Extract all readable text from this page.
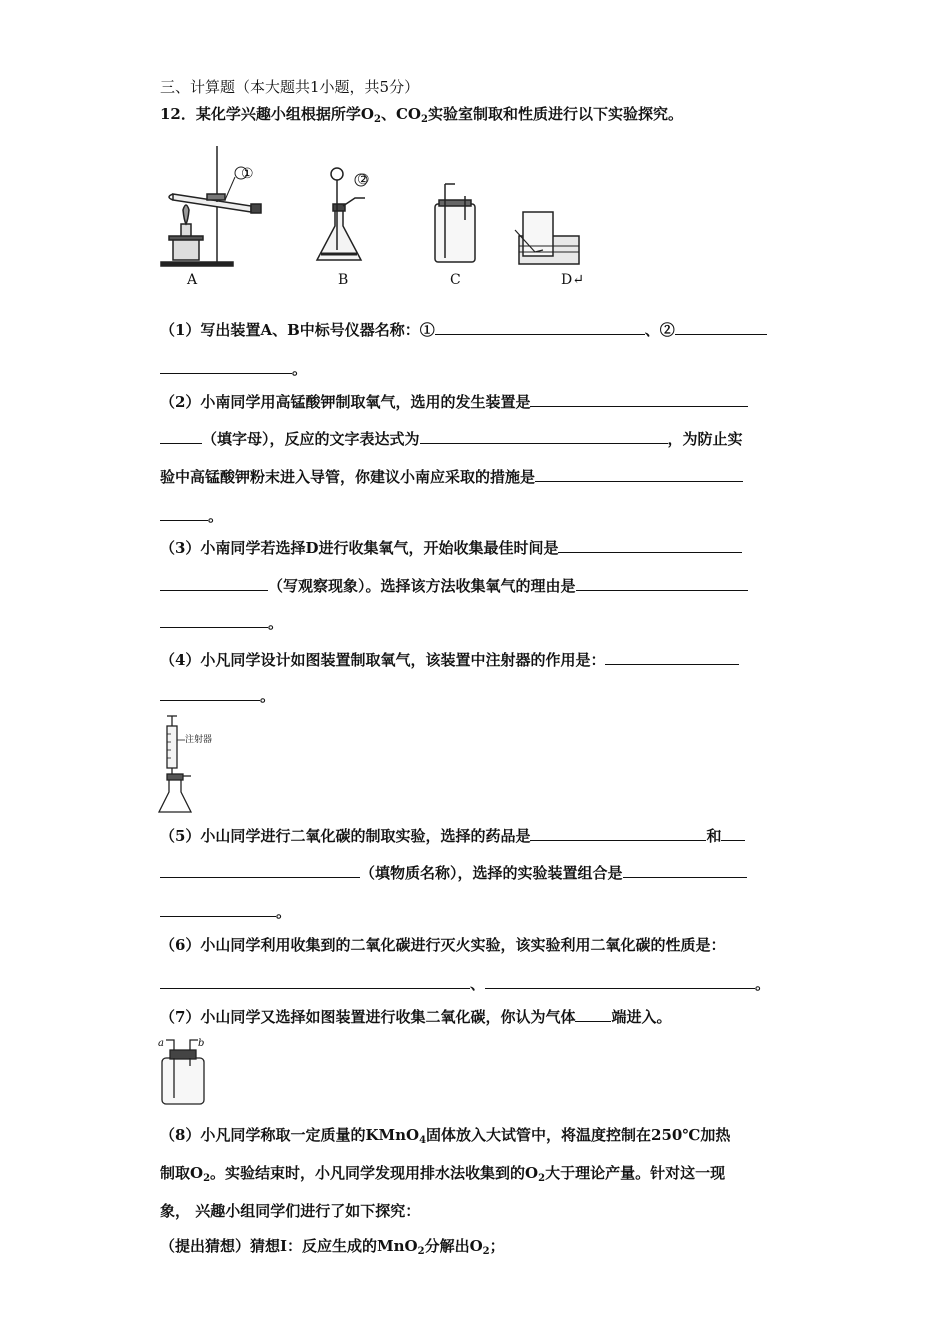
三、计算题（本大题共1小题，共5分）
12．某化学兴趣小组根据所学$O_2$、$CO_2$实验室制取和性质进行以下实验探究。
①	②
A	B	C	D↵
（1）写出装置A、B中标号仪器名称：①	、②
。
（2）小南同学用高锰酸钾制取氧气，选用的发生装置是
（填字母），反应的文字表达式为	，为防止实
验中高锰酸钾粉末进入导管，你建议小南应采取的措施是
。
（3）小南同学若选择D进行收集氧气，开始收集最佳时间是
（写观察现象）。选择该方法收集氧气的理由是
。
（4）小凡同学设计如图装置制取氧气，该装置中注射器的作用是：
。
注射器
（5）小山同学进行二氧化碳的制取实验，选择的药品是	和
（填物质名称），选择的实验装置组合是
。
（6）小山同学利用收集到的二氧化碳进行灭火实验，该实验利用二氧化碳的性质是：
、	。
（7）小山同学又选择如图装置进行收集二氧化碳，你认为气体 端进入。
a	b
（8）小凡同学称取一定质量的KMnO$_4$固体放入大试管中，将温度控制在250℃加热
制取$O_2$。实验结束时，小凡同学发现用排水法收集到的$O_2$大于理论产量。针对这一现
象， 兴趣小组同学们进行了如下探究：
（提出猜想）猜想Ⅰ：反应生成的MnO$_2$分解出$O_2$；
